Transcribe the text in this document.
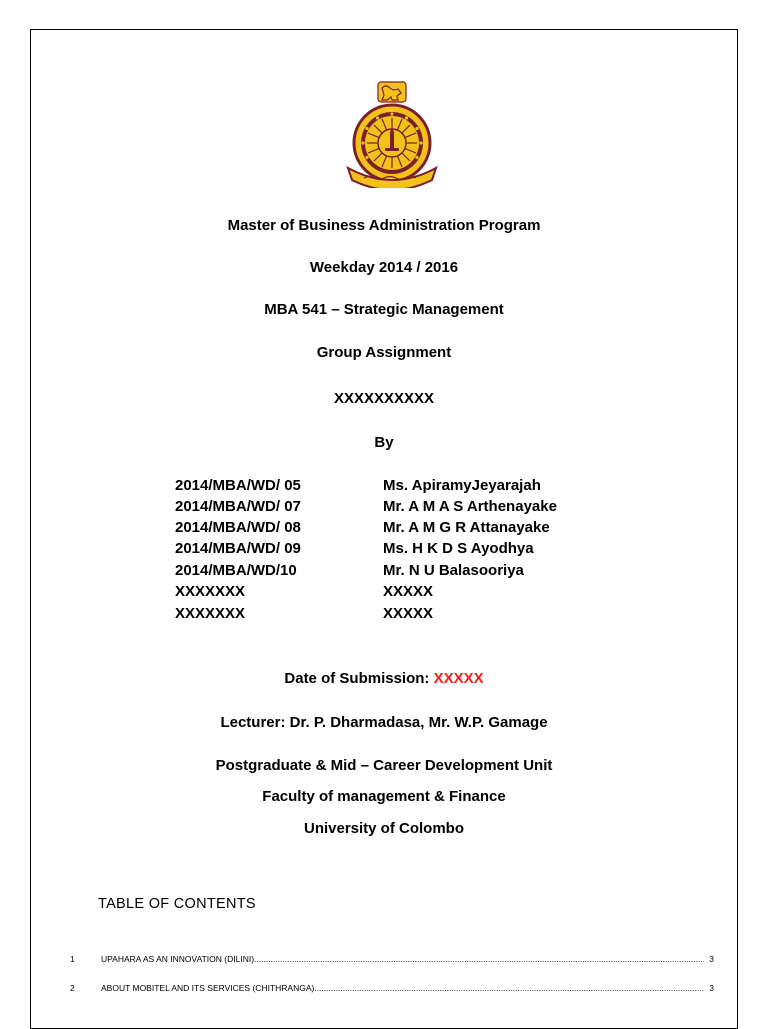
Master of Business Administration Program
Weekday 2014 / 2016
MBA 541 – Strategic Management
Group Assignment
XXXXXXXXXX
By
2014/MBA/WD/ 05	Ms. ApiramyJeyarajah
2014/MBA/WD/ 07	Mr. A M A S Arthenayake
2014/MBA/WD/ 08	Mr. A M G R Attanayake
2014/MBA/WD/ 09	Ms. H K D S Ayodhya
2014/MBA/WD/10	Mr. N U Balasooriya
XXXXXXX	XXXXX
XXXXXXX	XXXXX
Date of Submission: XXXXX
Lecturer: Dr. P. Dharmadasa, Mr. W.P. Gamage
Postgraduate & Mid – Career Development Unit
Faculty of management & Finance
University of Colombo
TABLE OF CONTENTS
1	UPAHARA AS AN INNOVATION (DILINI) .....	3
2	ABOUT MOBITEL AND ITS SERVICES (CHITHRANGA) .....	3
